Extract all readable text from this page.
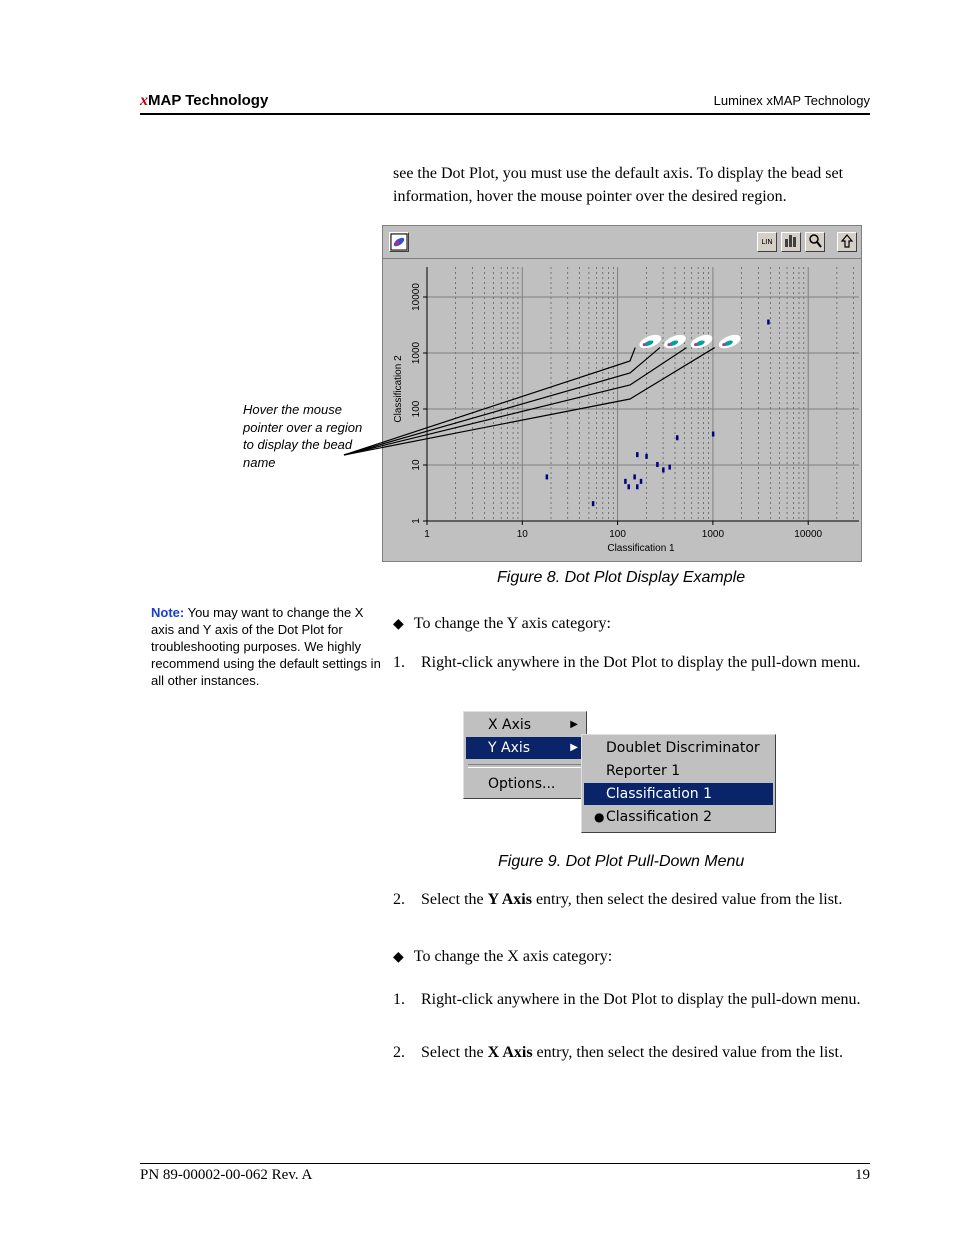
xMAP Technology	Luminex xMAP Technology
see the Dot Plot, you must use the default axis. To display the bead set information, hover the mouse pointer over the desired region.
LIN
1	10	100	1000	10000
1
10
100
1000
10000
Classification 1
Classification 2
Hover the mouse pointer over a region to display the bead name
Figure 8. Dot Plot Display Example
Note: You may want to change the X axis and Y axis of the Dot Plot for troubleshooting purposes. We highly recommend using the default settings in all other instances.
◆ To change the Y axis category:
1. Right-click anywhere in the Dot Plot to display the pull-down menu.
X Axis	▶
Y Axis	▶
Options...
Doublet Discriminator
Reporter 1
Classification 1
● Classification 2
Figure 9. Dot Plot Pull-Down Menu
2. Select the Y Axis entry, then select the desired value from the list.
◆ To change the X axis category:
1. Right-click anywhere in the Dot Plot to display the pull-down menu.
2. Select the X Axis entry, then select the desired value from the list.
PN 89-00002-00-062 Rev. A	19
